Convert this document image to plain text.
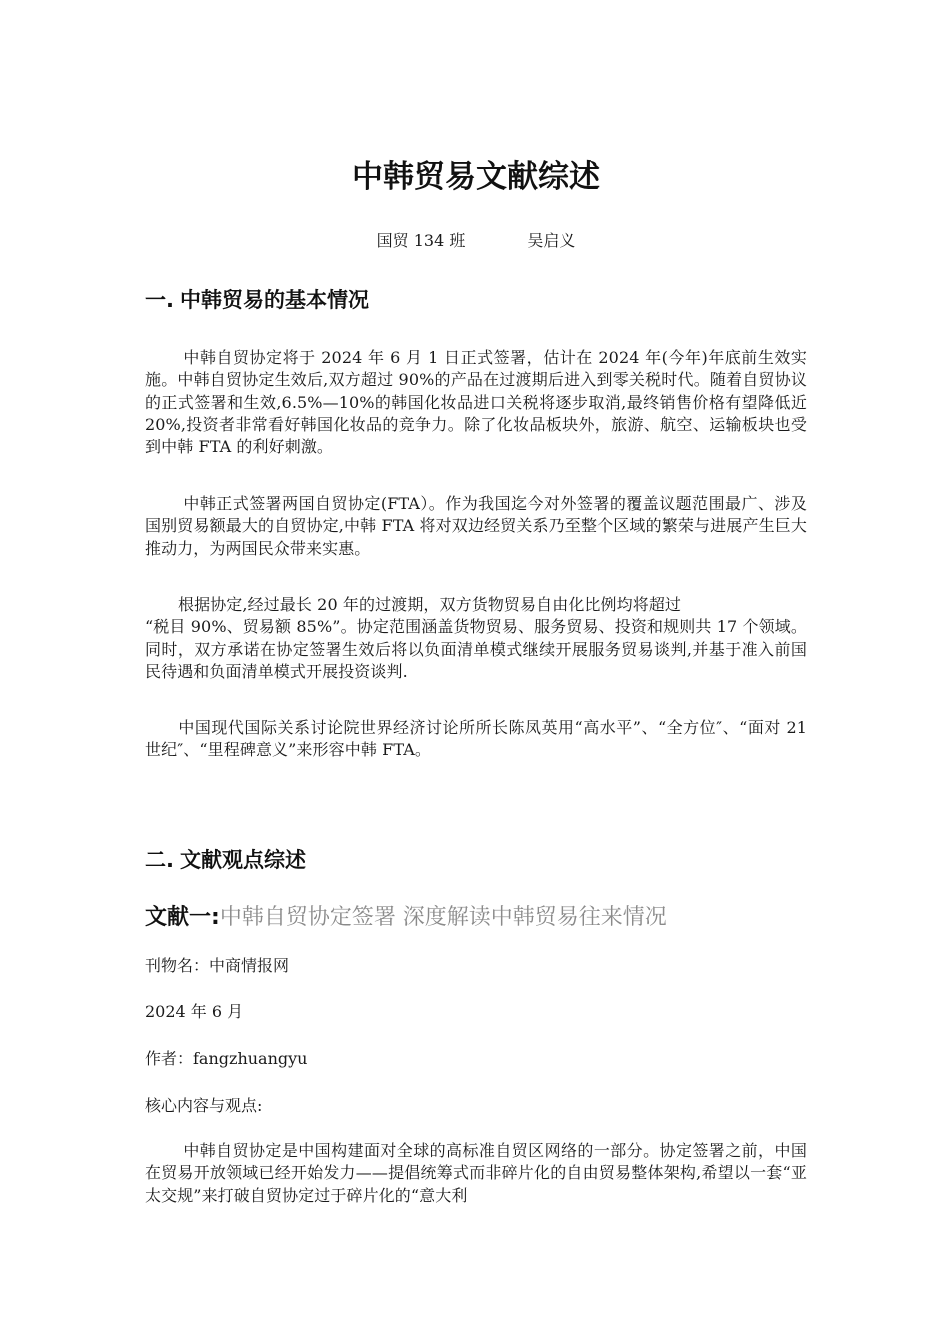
中韩贸易文献综述
国贸 134 班	吴启义
一. 中韩贸易的基本情况
中韩自贸协定将于 2024 年 6 月 1 日正式签署，估计在 2024 年(今年)年底前生效实施。中韩自贸协定生效后,双方超过 90%的产品在过渡期后进入到零关税时代。随着自贸协议的正式签署和生效,6.5%—10%的韩国化妆品进口关税将逐步取消,最终销售价格有望降低近 20%,投资者非常看好韩国化妆品的竞争力。除了化妆品板块外，旅游、航空、运输板块也受到中韩 FTA 的利好刺激。
中韩正式签署两国自贸协定(FTA）。作为我国迄今对外签署的覆盖议题范围最广、涉及国别贸易额最大的自贸协定,中韩 FTA 将对双边经贸关系乃至整个区域的繁荣与进展产生巨大推动力，为两国民众带来实惠。
根据协定,经过最长 20 年的过渡期，双方货物贸易自由化比例均将超过
“税目 90%、贸易额 85%”。协定范围涵盖货物贸易、服务贸易、投资和规则共 17 个领域。同时，双方承诺在协定签署生效后将以负面清单模式继续开展服务贸易谈判,并基于准入前国民待遇和负面清单模式开展投资谈判.
中国现代国际关系讨论院世界经济讨论所所长陈凤英用“高水平”、“全方位″、“面对 21 世纪″、“里程碑意义”来形容中韩 FTA。
二. 文献观点综述
文献一:中韩自贸协定签署 深度解读中韩贸易往来情况
刊物名：中商情报网
2024 年 6 月
作者：fangzhuangyu
核心内容与观点:
中韩自贸协定是中国构建面对全球的高标准自贸区网络的一部分。协定签署之前，中国在贸易开放领域已经开始发力——提倡统筹式而非碎片化的自由贸易整体架构,希望以一套“亚太交规”来打破自贸协定过于碎片化的“意大利
